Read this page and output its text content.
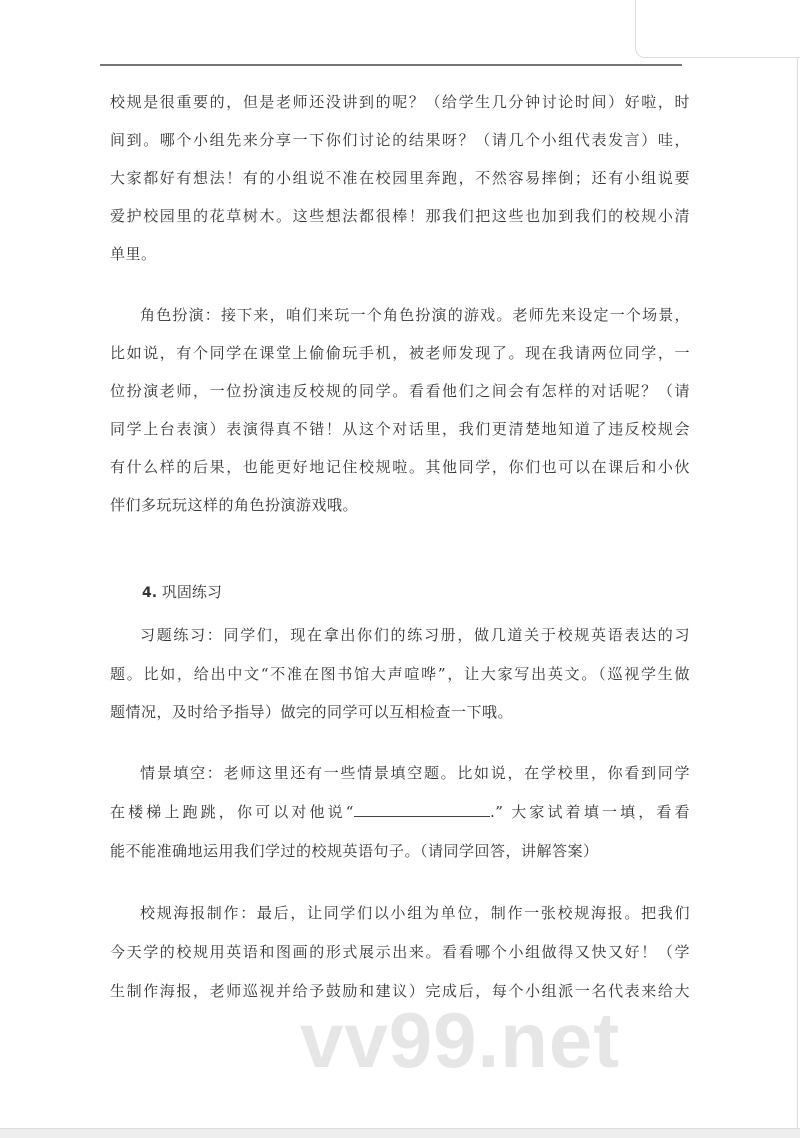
校规是很重要的，但是老师还没讲到的呢？（给学生几分钟讨论时间）好啦，时
间到。哪个小组先来分享一下你们讨论的结果呀？（请几个小组代表发言）哇，
大家都好有想法！有的小组说不准在校园里奔跑，不然容易摔倒；还有小组说要
爱护校园里的花草树木。这些想法都很棒！那我们把这些也加到我们的校规小清
单里。
角色扮演：接下来，咱们来玩一个角色扮演的游戏。老师先来设定一个场景，
比如说，有个同学在课堂上偷偷玩手机，被老师发现了。现在我请两位同学，一
位扮演老师，一位扮演违反校规的同学。看看他们之间会有怎样的对话呢？（请
同学上台表演）表演得真不错！从这个对话里，我们更清楚地知道了违反校规会
有什么样的后果，也能更好地记住校规啦。其他同学，你们也可以在课后和小伙
伴们多玩玩这样的角色扮演游戏哦。
4. 巩固练习
习题练习：同学们，现在拿出你们的练习册，做几道关于校规英语表达的习
题。比如，给出中文“不准在图书馆大声喧哗”，让大家写出英文。（巡视学生做
题情况，及时给予指导）做完的同学可以互相检查一下哦。
情景填空：老师这里还有一些情景填空题。比如说，在学校里，你看到同学
在楼梯上跑跳，你可以对他说“	.” 大家试着填一填，看看
能不能准确地运用我们学过的校规英语句子。（请同学回答，讲解答案）
校规海报制作：最后，让同学们以小组为单位，制作一张校规海报。把我们
今天学的校规用英语和图画的形式展示出来。看看哪个小组做得又快又好！（学
生制作海报，老师巡视并给予鼓励和建议）完成后，每个小组派一名代表来给大
vv99.net
